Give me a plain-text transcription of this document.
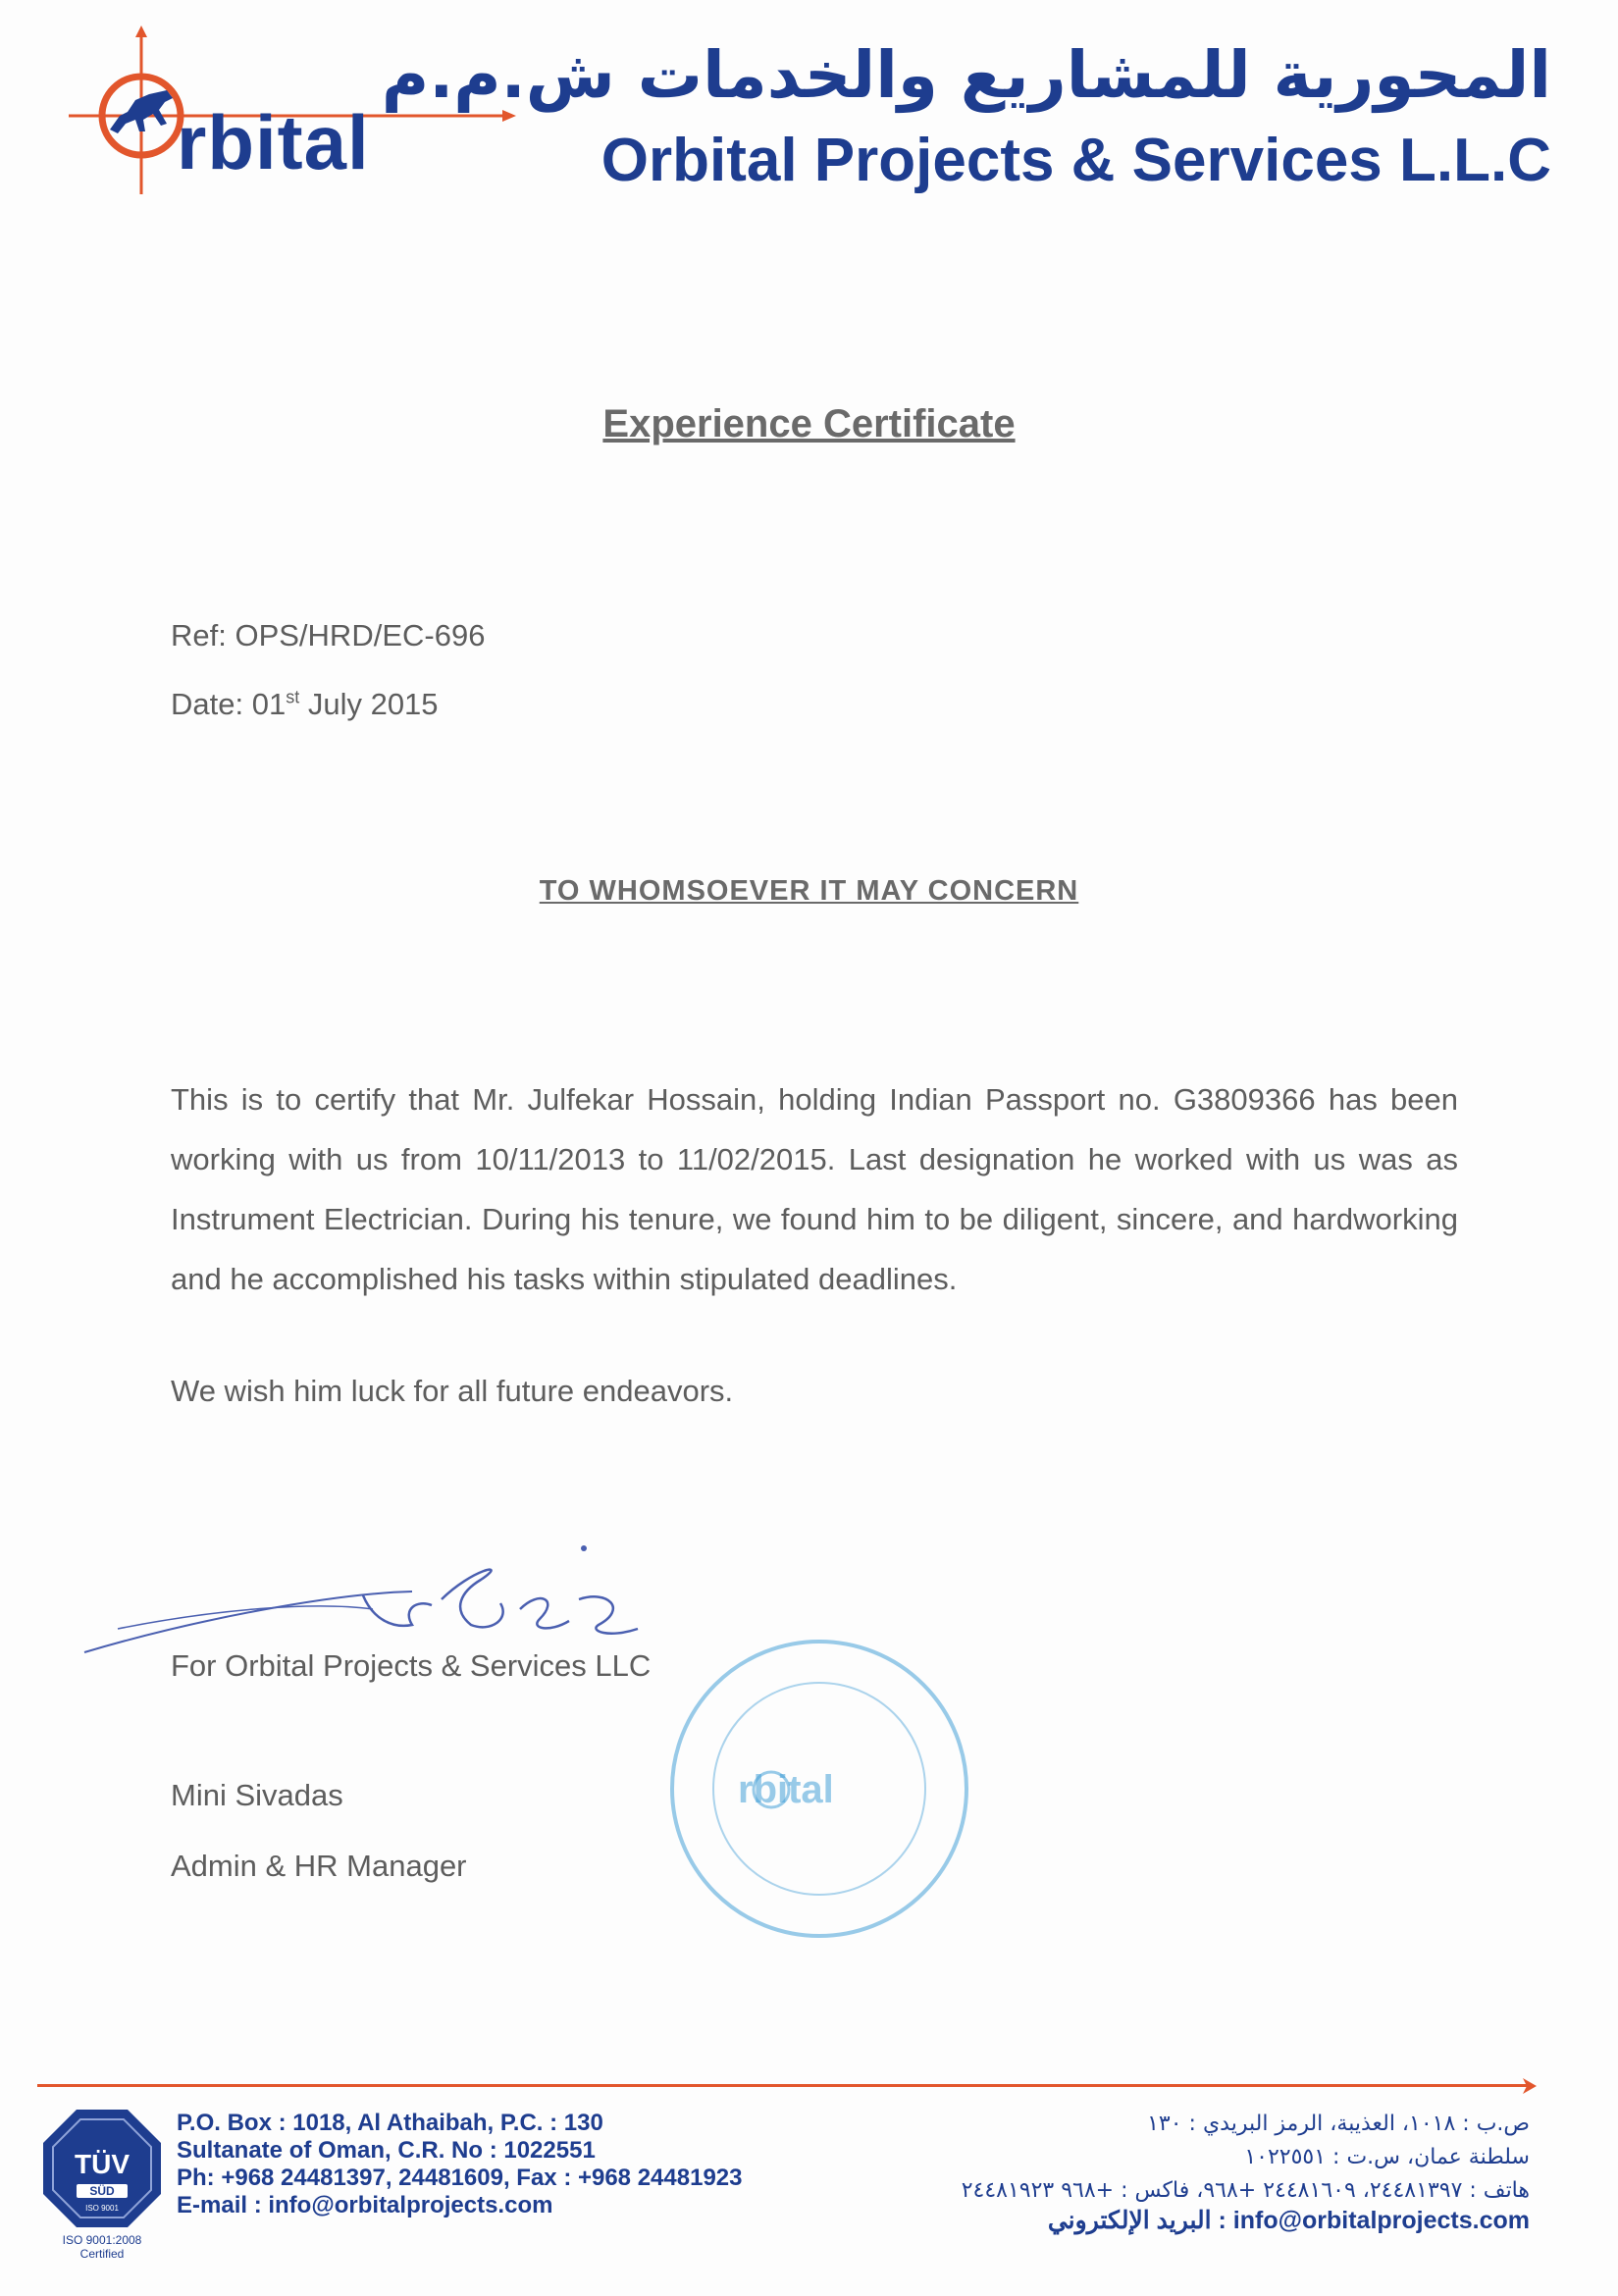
rbital
المحورية للمشاريع والخدمات ش.م.م
Orbital Projects & Services L.L.C
Experience Certificate
Ref: OPS/HRD/EC-696
Date: 01st July 2015
TO WHOMSOEVER IT MAY CONCERN
This is to certify that Mr. Julfekar Hossain, holding Indian Passport no. G3809366 has been working with us from 10/11/2013 to 11/02/2015. Last designation he worked with us was as Instrument Electrician. During his tenure, we found him to be diligent, sincere, and hardworking and he accomplished his tasks within stipulated deadlines.
We wish him luck for all future endeavors.
For Orbital Projects & Services LLC
Mini Sivadas
Admin & HR Manager
rbital
TÜV
SÜD
ISO 9001
ISO 9001:2008
Certified
P.O. Box : 1018, Al Athaibah, P.C. : 130
Sultanate of Oman, C.R. No : 1022551
Ph: +968 24481397, 24481609, Fax : +968 24481923
E-mail : info@orbitalprojects.com
ص.ب : ١٠١٨، العذيبة، الرمز البريدي : ١٣٠
سلطنة عمان، س.ت : ١٠٢٢٥٥١
هاتف : ٢٤٤٨١٣٩٧، ٢٤٤٨١٦٠٩ +٩٦٨، فاكس : +٩٦٨ ٢٤٤٨١٩٢٣
البريد الإلكتروني : info@orbitalprojects.com
